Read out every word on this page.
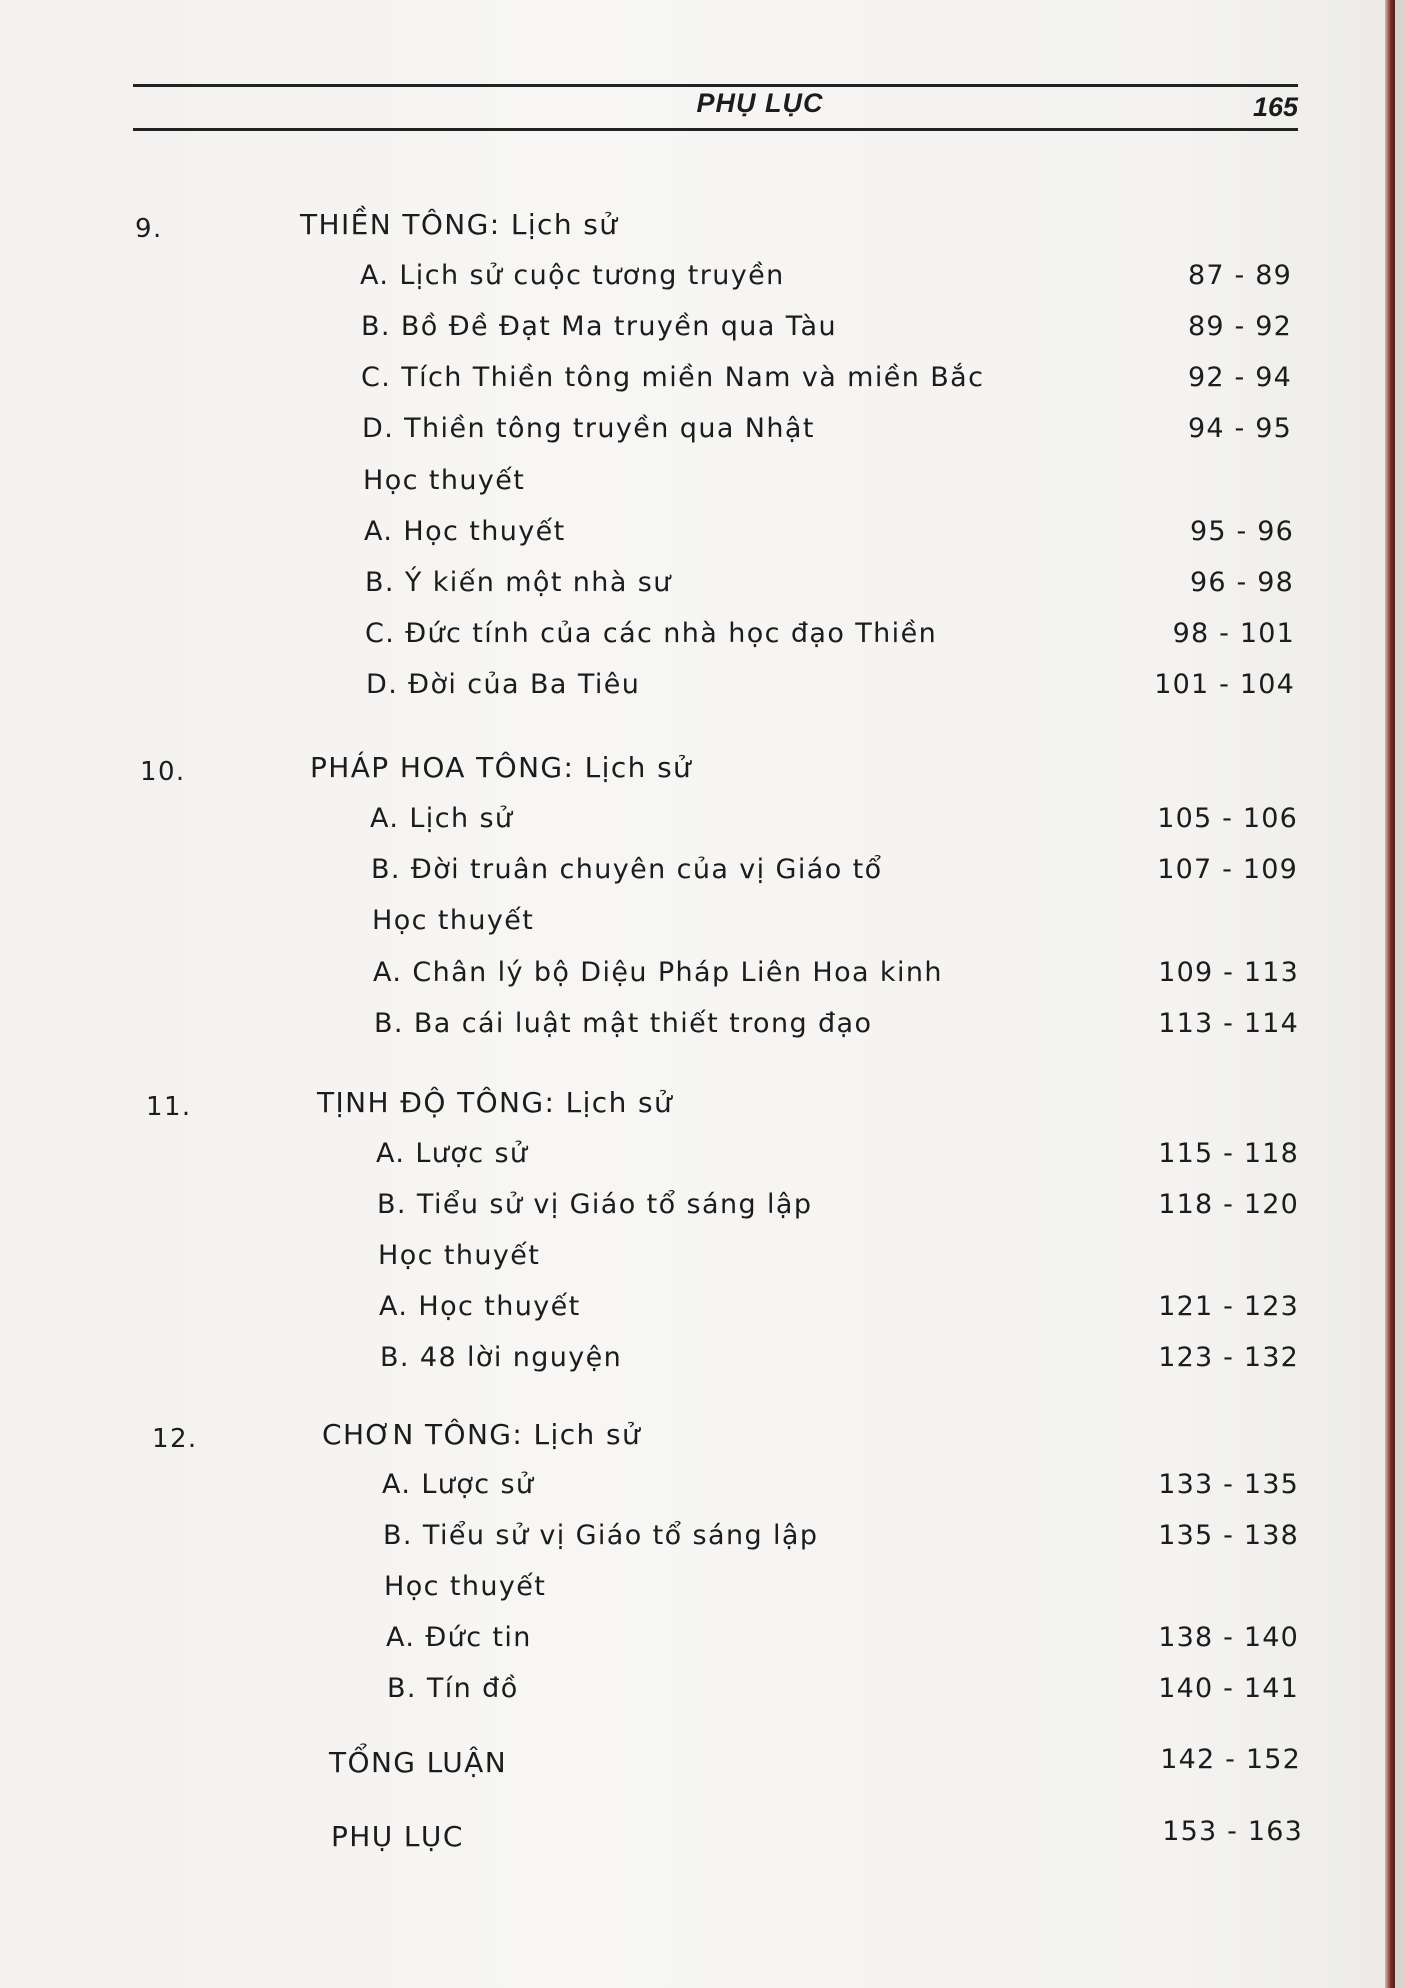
PHỤ LỤC	165
9.	THIỀN TÔNG: Lịch sử
A. Lịch sử cuộc tương truyền	87 - 89
B. Bồ Đề Đạt Ma truyền qua Tàu	89 - 92
C. Tích Thiền tông miền Nam và miền Bắc	92 - 94
D. Thiền tông truyền qua Nhật	94 - 95
Học thuyết
A. Học thuyết	95 - 96
B. Ý kiến một nhà sư	96 - 98
C. Đức tính của các nhà học đạo Thiền	98 - 101
D. Đời của Ba Tiêu	101 - 104
10.	PHÁP HOA TÔNG: Lịch sử
A. Lịch sử	105 - 106
B. Đời truân chuyên của vị Giáo tổ	107 - 109
Học thuyết
A. Chân lý bộ Diệu Pháp Liên Hoa kinh	109 - 113
B. Ba cái luật mật thiết trong đạo	113 - 114
11.	TỊNH ĐỘ TÔNG: Lịch sử
A. Lược sử	115 - 118
B. Tiểu sử vị Giáo tổ sáng lập	118 - 120
Học thuyết
A. Học thuyết	121 - 123
B. 48 lời nguyện	123 - 132
12.	CHƠN TÔNG: Lịch sử
A. Lược sử	133 - 135
B. Tiểu sử vị Giáo tổ sáng lập	135 - 138
Học thuyết
A. Đức tin	138 - 140
B. Tín đồ	140 - 141
TỔNG LUẬN	142 - 152
PHỤ LỤC	153 - 163
